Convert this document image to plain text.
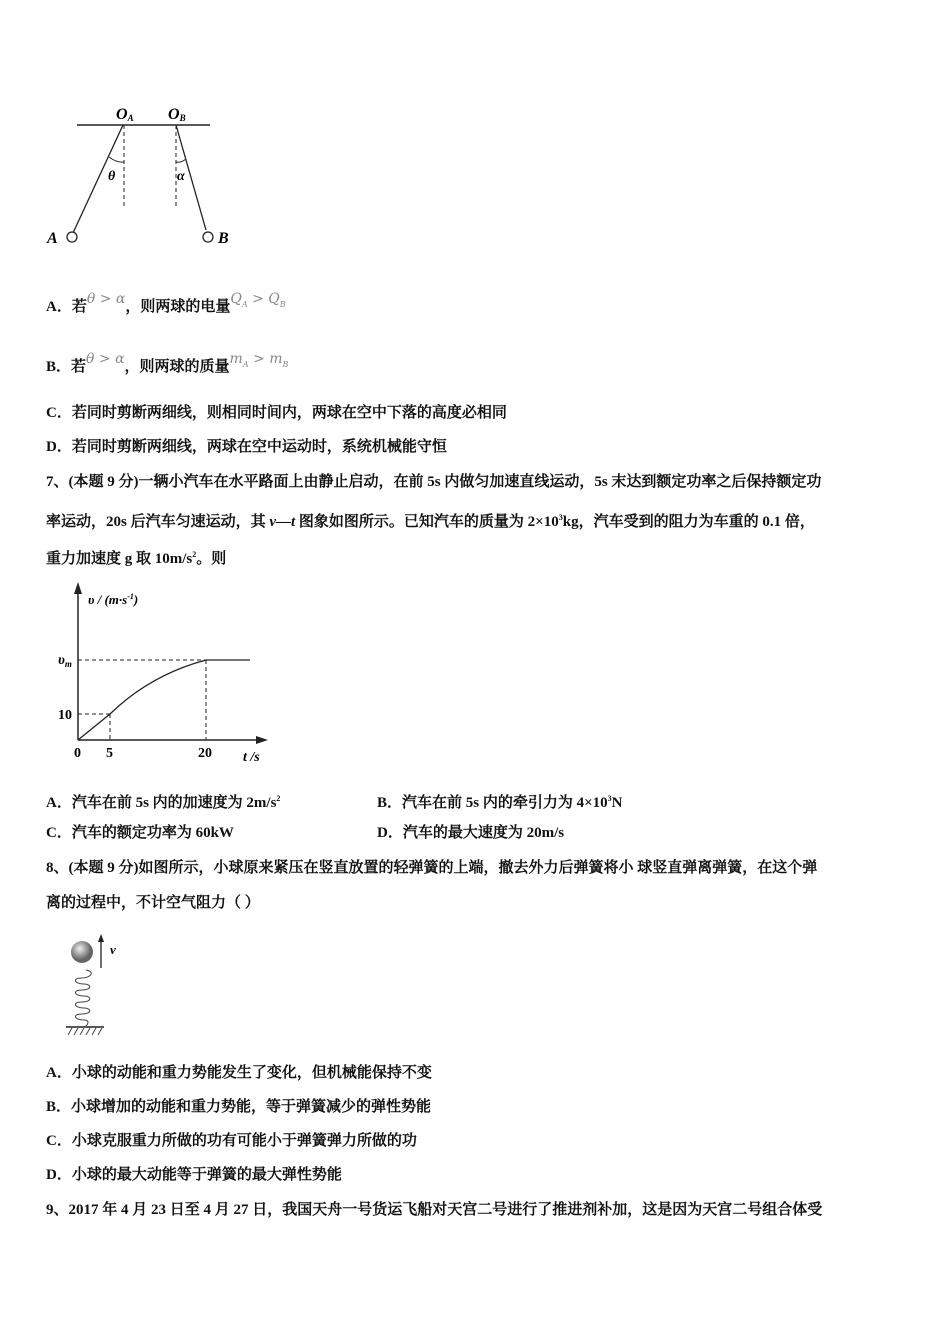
OA OB
θ	α
A	B
A．若θ > α，则两球的电量$Q_A > Q_B$
B．若θ > α，则两球的质量$m_A > m_B$
C．若同时剪断两细线，则相同时间内，两球在空中下落的高度必相同
D．若同时剪断两细线，两球在空中运动时，系统机械能守恒
7、(本题 9 分)一辆小汽车在水平路面上由静止启动，在前 5s 内做匀加速直线运动，5s 末达到额定功率之后保持额定功
率运动，20s 后汽车匀速运动，其 v—t 图象如图所示。已知汽车的质量为 $2\times 10^3kg$，汽车受到的阻力为车重的 0.1 倍，
重力加速度 g 取 $10m/s^2$。则
$\upsilon / (m\cdot s^{-1})$
$\upsilon_m$
10
0 5	20 t /s
A．汽车在前 5s 内的加速度为 $2m/s^2$	B．汽车在前 5s 内的牵引力为 $4\times 10^3N$
C．汽车的额定功率为 60kW	D．汽车的最大速度为 20m/s
8、(本题 9 分)如图所示，小球原来紧压在竖直放置的轻弹簧的上端，撤去外力后弹簧将小 球竖直弹离弹簧，在这个弹
离的过程中，不计空气阻力（ ）
v
A．小球的动能和重力势能发生了变化，但机械能保持不变
B．小球增加的动能和重力势能，等于弹簧减少的弹性势能
C．小球克服重力所做的功有可能小于弹簧弹力所做的功
D．小球的最大动能等于弹簧的最大弹性势能
9、2017 年 4 月 23 日至 4 月 27 日，我国天舟一号货运飞船对天宫二号进行了推进剂补加，这是因为天宫二号组合体受
